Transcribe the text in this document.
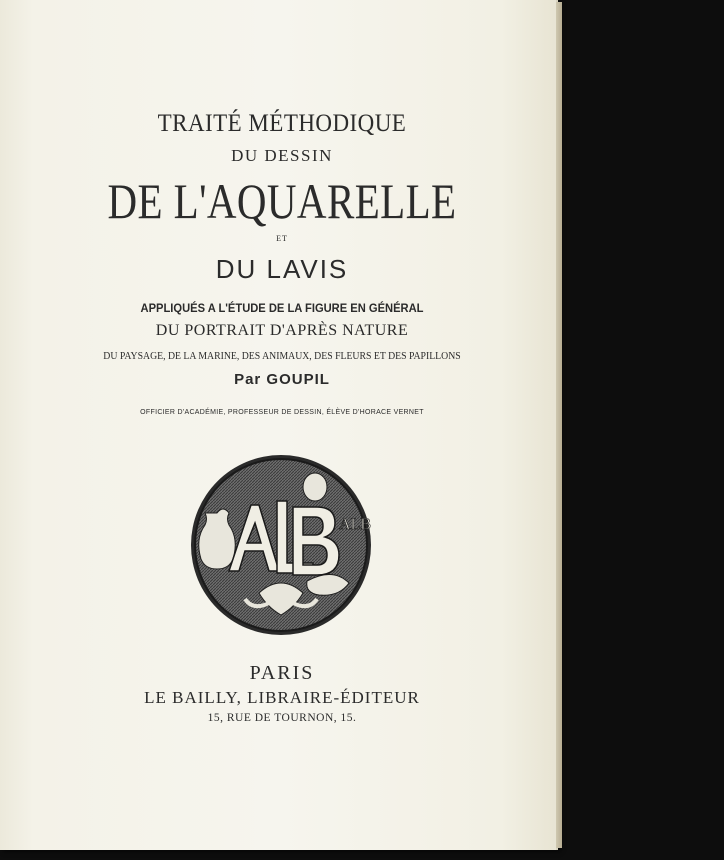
TRAITÉ MÉTHODIQUE
DU DESSIN
DE L'AQUARELLE
ET
DU LAVIS
APPLIQUÉS A L'ÉTUDE DE LA FIGURE EN GÉNÉRAL
DU PORTRAIT D'APRÈS NATURE
DU PAYSAGE, DE LA MARINE, DES ANIMAUX, DES FLEURS ET DES PAPILLONS
Par GOUPIL
OFFICIER D'ACADÉMIE, PROFESSEUR DE DESSIN, ÉLÈVE D'HORACE VERNET
ALB
PARIS
LE BAILLY, LIBRAIRE-ÉDITEUR
15, RUE DE TOURNON, 15.
